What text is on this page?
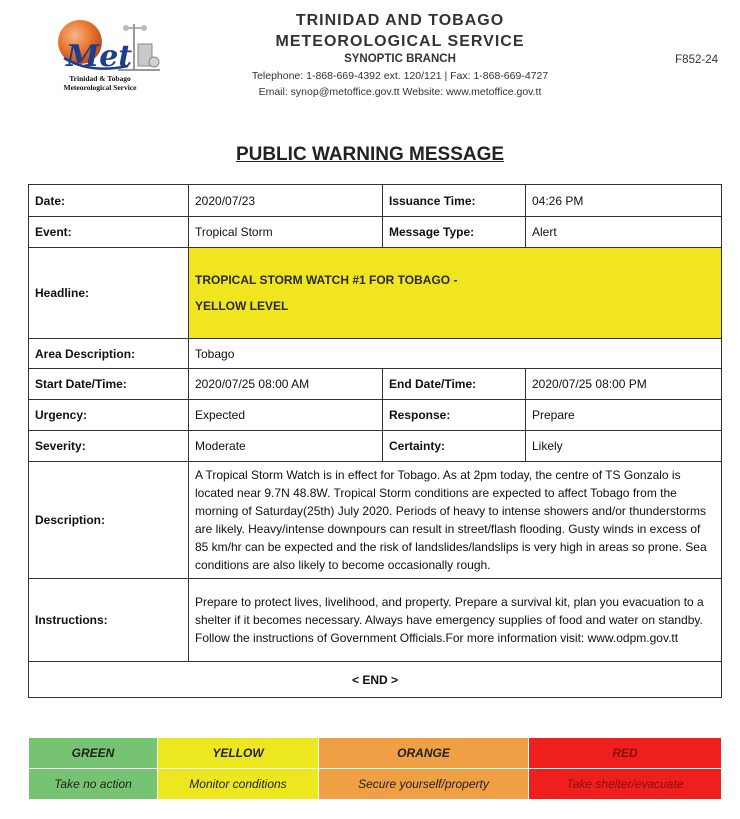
Met
Trinidad & Tobago
Meteorological Service
TRINIDAD AND TOBAGO
METEOROLOGICAL SERVICE
SYNOPTIC BRANCH
Telephone: 1-868-669-4392 ext. 120/121 | Fax: 1-868-669-4727
Email: synop@metoffice.gov.tt Website: www.metoffice.gov.tt
F852-24
PUBLIC WARNING MESSAGE
Date:	2020/07/23	Issuance Time:	04:26 PM
Event:	Tropical Storm	Message Type:	Alert
Headline:	TROPICAL STORM WATCH #1 FOR TOBAGO -
YELLOW LEVEL		

Area Description:	Tobago		
Start Date/Time:	2020/07/25 08:00 AM	End Date/Time:	2020/07/25 08:00 PM
Urgency:	Expected	Response:	Prepare
Severity:	Moderate	Certainty:	Likely
Description:	A Tropical Storm Watch is in effect for Tobago. As at 2pm today, the centre of TS Gonzalo is located near 9.7N 48.8W. Tropical Storm conditions are expected to affect Tobago from the morning of Saturday(25th) July 2020. Periods of heavy to intense showers and/or thunderstorms are likely. Heavy/intense downpours can result in street/flash flooding. Gusty winds in excess of 85 km/hr can be expected and the risk of landslides/landslips is very high in areas so prone. Sea conditions are also likely to become occasionally rough.		
Instructions:	Prepare to protect lives, livelihood, and property. Prepare a survival kit, plan you evacuation to a shelter if it becomes necessary. Always have emergency supplies of food and water on standby. Follow the instructions of Government Officials.For more information visit: www.odpm.gov.tt		
< END >			
GREEN	YELLOW	ORANGE	RED
Take no action	Monitor conditions	Secure yourself/property	Take shelter/evacuate
